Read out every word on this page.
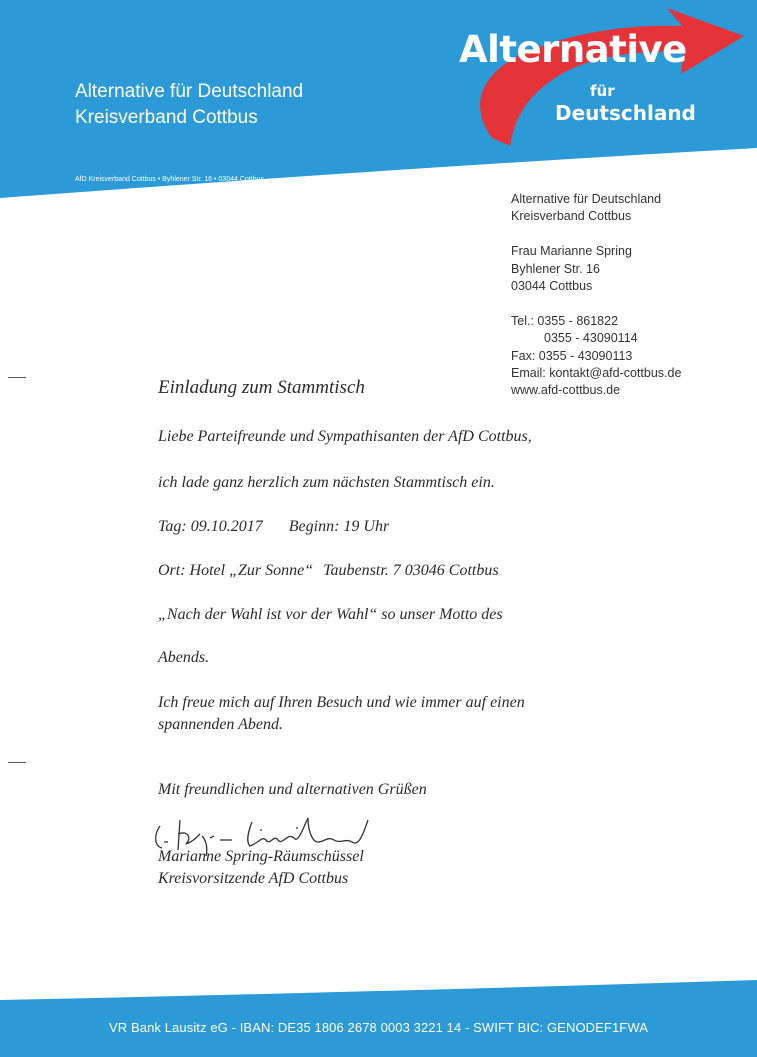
Alternative für Deutschland
Kreisverband Cottbus
AfD Kreisverband Cottbus • Byhlener Str. 16 • 03044 Cottbus
Alternative
für
Deutschland
Alternative für Deutschland
Kreisverband Cottbus
Frau Marianne Spring
Byhlener Str. 16
03044 Cottbus
Tel.: 0355 - 861822
0355 - 43090114
Fax: 0355 - 43090113
Email: kontakt@afd-cottbus.de
www.afd-cottbus.de
Einladung zum Stammtisch
Liebe Parteifreunde und Sympathisanten der AfD Cottbus,
ich lade ganz herzlich zum nächsten Stammtisch ein.
Tag: 09.10.2017 Beginn: 19 Uhr
Ort: Hotel „Zur Sonne“ Taubenstr. 7 03046 Cottbus
„Nach der Wahl ist vor der Wahl“ so unser Motto des
Abends.
Ich freue mich auf Ihren Besuch und wie immer auf einen
spannenden Abend.
Mit freundlichen und alternativen Grüßen
Marianne Spring-Räumschüssel
Kreisvorsitzende AfD Cottbus
VR Bank Lausitz eG - IBAN: DE35 1806 2678 0003 3221 14 - SWIFT BIC: GENODEF1FWA
